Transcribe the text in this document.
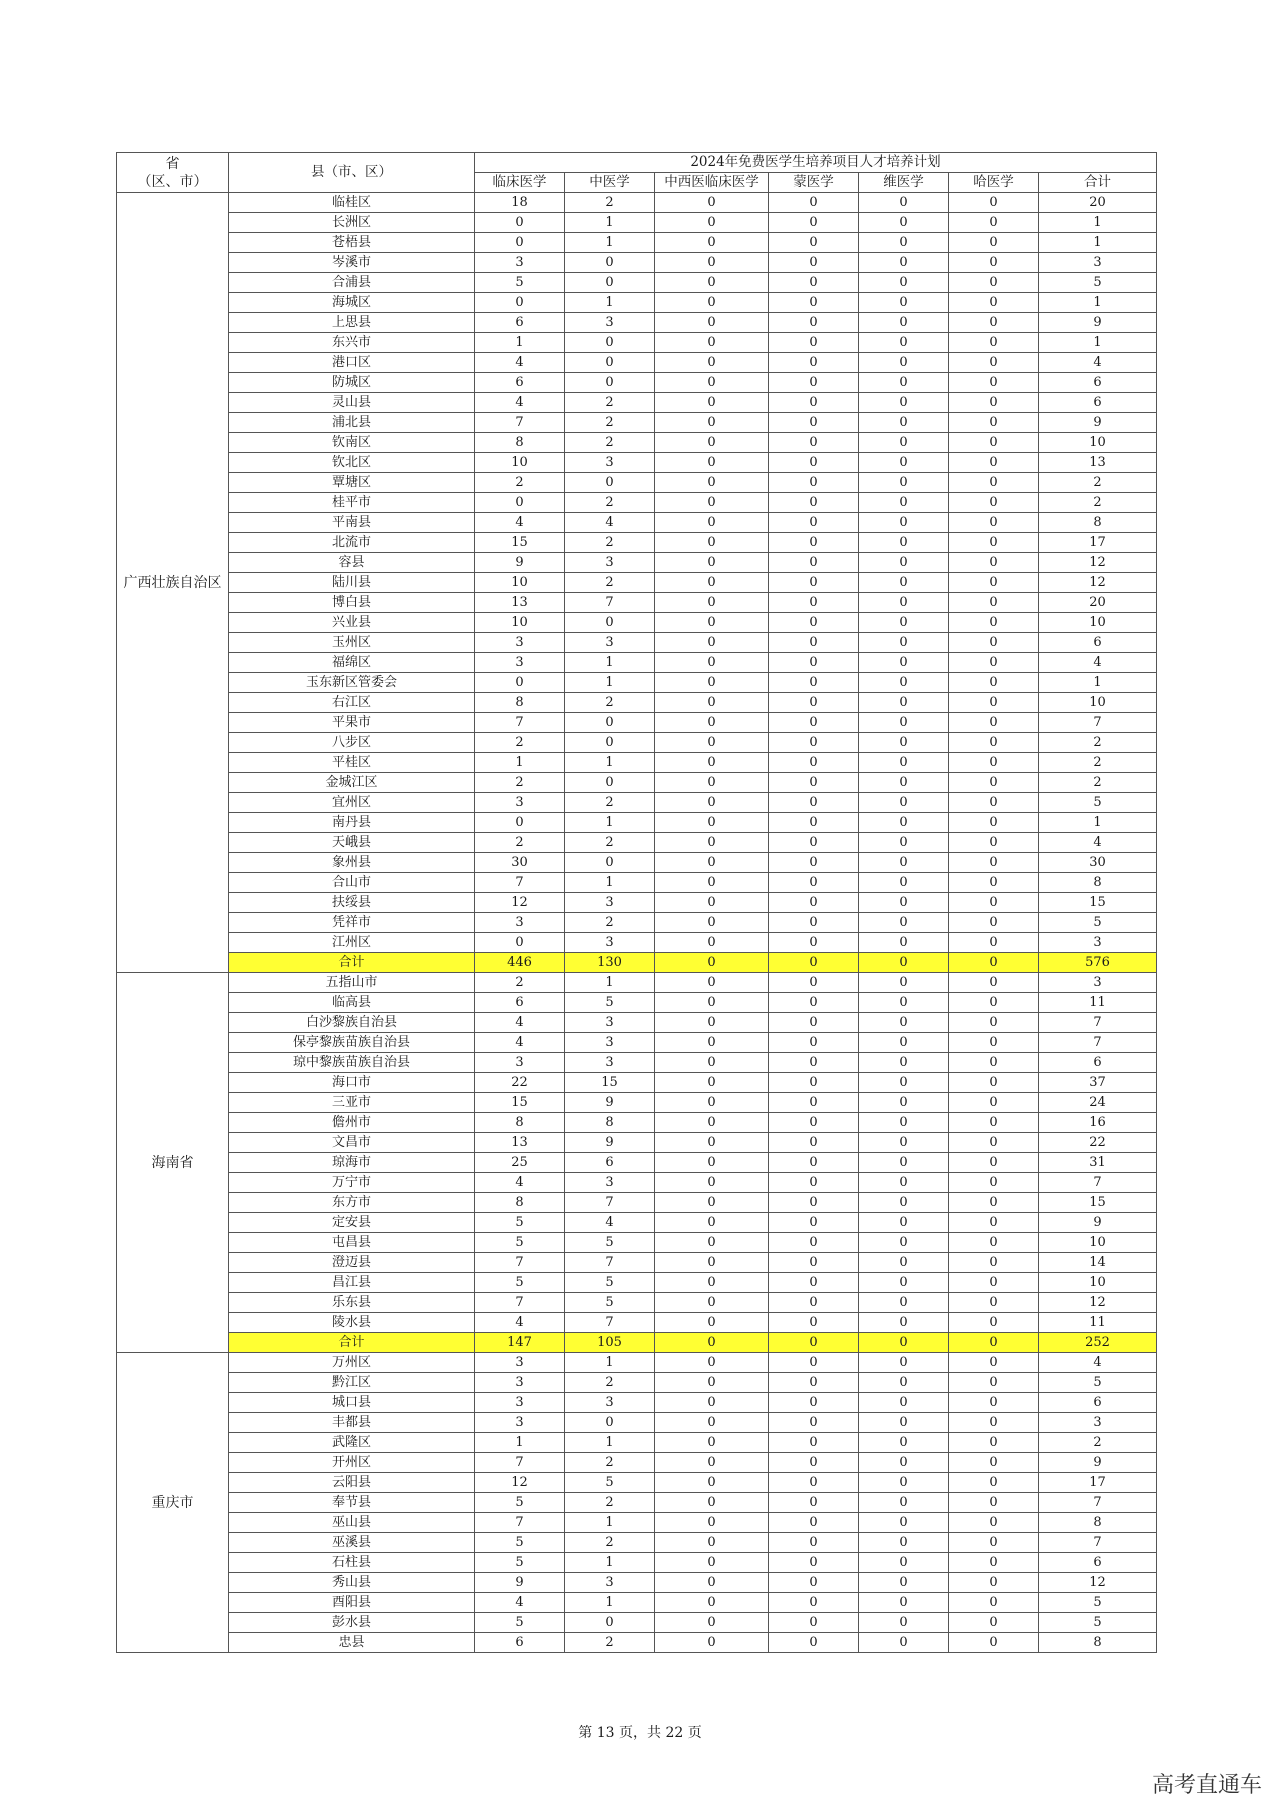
省
（区、市）	县（市、区）	2024年免费医学生培养项目人才培养计划						
		临床医学	中医学	中西医临床医学	蒙医学	维医学	哈医学	合计
广西壮族自治区	临桂区	18	2	0	0	0	0	20
	长洲区	0	1	0	0	0	0	1
	苍梧县	0	1	0	0	0	0	1
	岑溪市	3	0	0	0	0	0	3
	合浦县	5	0	0	0	0	0	5
	海城区	0	1	0	0	0	0	1
	上思县	6	3	0	0	0	0	9
	东兴市	1	0	0	0	0	0	1
	港口区	4	0	0	0	0	0	4
	防城区	6	0	0	0	0	0	6
	灵山县	4	2	0	0	0	0	6
	浦北县	7	2	0	0	0	0	9
	钦南区	8	2	0	0	0	0	10
	钦北区	10	3	0	0	0	0	13
	覃塘区	2	0	0	0	0	0	2
	桂平市	0	2	0	0	0	0	2
	平南县	4	4	0	0	0	0	8
	北流市	15	2	0	0	0	0	17
	容县	9	3	0	0	0	0	12
	陆川县	10	2	0	0	0	0	12
	博白县	13	7	0	0	0	0	20
	兴业县	10	0	0	0	0	0	10
	玉州区	3	3	0	0	0	0	6
	福绵区	3	1	0	0	0	0	4
	玉东新区管委会	0	1	0	0	0	0	1
	右江区	8	2	0	0	0	0	10
	平果市	7	0	0	0	0	0	7
	八步区	2	0	0	0	0	0	2
	平桂区	1	1	0	0	0	0	2
	金城江区	2	0	0	0	0	0	2
	宜州区	3	2	0	0	0	0	5
	南丹县	0	1	0	0	0	0	1
	天峨县	2	2	0	0	0	0	4
	象州县	30	0	0	0	0	0	30
	合山市	7	1	0	0	0	0	8
	扶绥县	12	3	0	0	0	0	15
	凭祥市	3	2	0	0	0	0	5
	江州区	0	3	0	0	0	0	3
	合计	446	130	0	0	0	0	576
海南省	五指山市	2	1	0	0	0	0	3
	临高县	6	5	0	0	0	0	11
	白沙黎族自治县	4	3	0	0	0	0	7
	保亭黎族苗族自治县	4	3	0	0	0	0	7
	琼中黎族苗族自治县	3	3	0	0	0	0	6
	海口市	22	15	0	0	0	0	37
	三亚市	15	9	0	0	0	0	24
	儋州市	8	8	0	0	0	0	16
	文昌市	13	9	0	0	0	0	22
	琼海市	25	6	0	0	0	0	31
	万宁市	4	3	0	0	0	0	7
	东方市	8	7	0	0	0	0	15
	定安县	5	4	0	0	0	0	9
	屯昌县	5	5	0	0	0	0	10
	澄迈县	7	7	0	0	0	0	14
	昌江县	5	5	0	0	0	0	10
	乐东县	7	5	0	0	0	0	12
	陵水县	4	7	0	0	0	0	11
	合计	147	105	0	0	0	0	252
重庆市	万州区	3	1	0	0	0	0	4
	黔江区	3	2	0	0	0	0	5
	城口县	3	3	0	0	0	0	6
	丰都县	3	0	0	0	0	0	3
	武隆区	1	1	0	0	0	0	2
	开州区	7	2	0	0	0	0	9
	云阳县	12	5	0	0	0	0	17
	奉节县	5	2	0	0	0	0	7
	巫山县	7	1	0	0	0	0	8
	巫溪县	5	2	0	0	0	0	7
	石柱县	5	1	0	0	0	0	6
	秀山县	9	3	0	0	0	0	12
	酉阳县	4	1	0	0	0	0	5
	彭水县	5	0	0	0	0	0	5
	忠县	6	2	0	0	0	0	8
第 13 页，共 22 页
高考直通车
